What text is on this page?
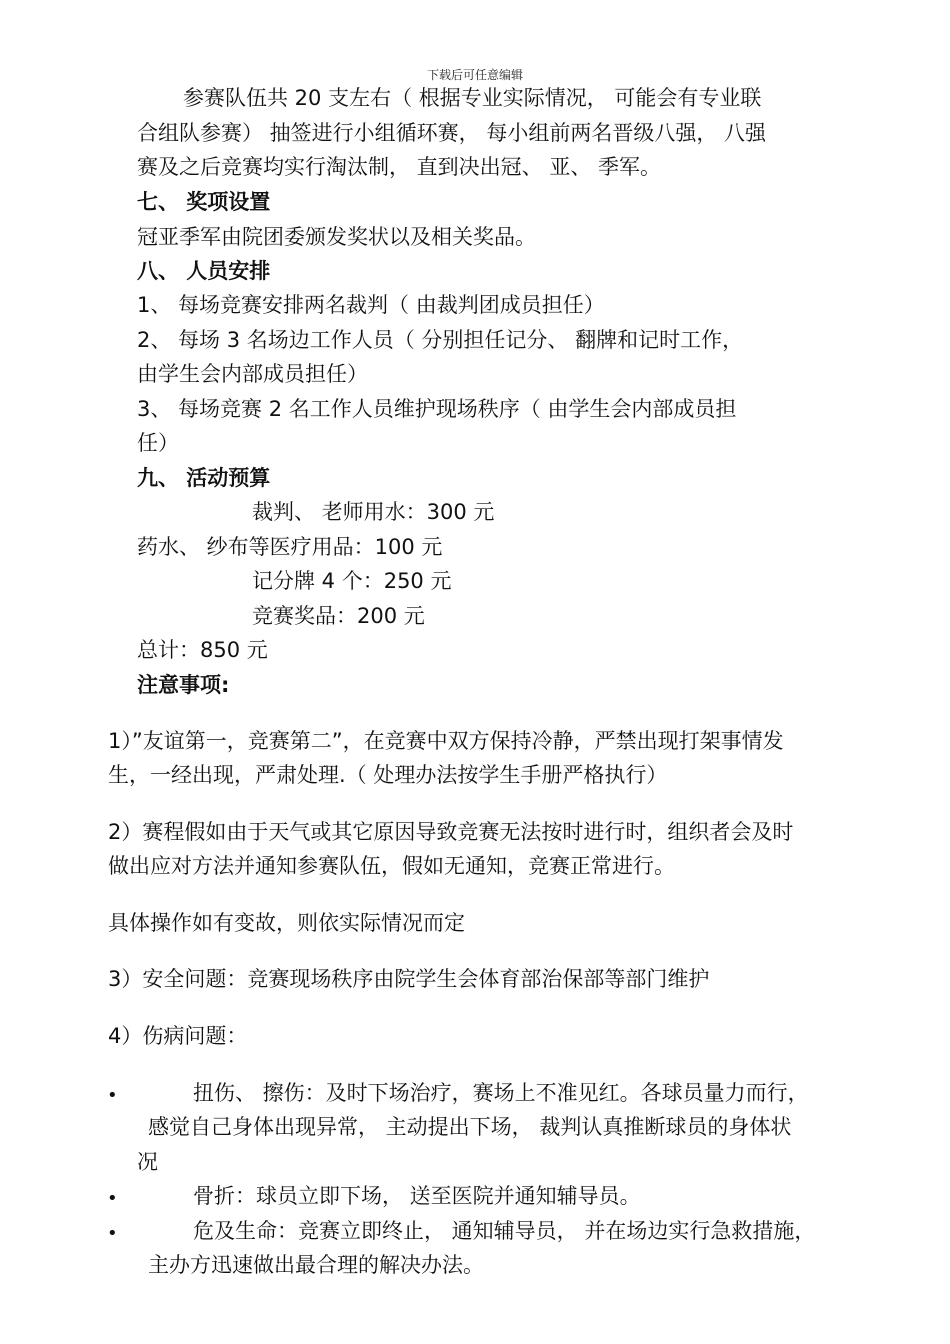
下载后可任意编辑
参赛队伍共 20 支左右（ 根据专业实际情况， 可能会有专业联
合组队参赛） 抽签进行小组循环赛， 每小组前两名晋级八强， 八强
赛及之后竞赛均实行淘汰制， 直到决出冠、 亚、 季军。
七、 奖项设置
冠亚季军由院团委颁发奖状以及相关奖品。
八、 人员安排
1、 每场竞赛安排两名裁判（ 由裁判团成员担任）
2、 每场 3 名场边工作人员（ 分别担任记分、 翻牌和记时工作，
由学生会内部成员担任）
3、 每场竞赛 2 名工作人员维护现场秩序（ 由学生会内部成员担
任）
九、 活动预算
裁判、 老师用水：300 元
药水、 纱布等医疗用品：100 元
记分牌 4 个：250 元
竞赛奖品：200 元
总计：850 元
注意事项:
1）”友谊第一，竞赛第二”，在竞赛中双方保持冷静，严禁出现打架事情发
生，一经出现，严肃处理.（ 处理办法按学生手册严格执行）
2）赛程假如由于天气或其它原因导致竞赛无法按时进行时，组织者会及时
做出应对方法并通知参赛队伍，假如无通知，竞赛正常进行。
具体操作如有变故，则依实际情况而定
3）安全问题：竞赛现场秩序由院学生会体育部治保部等部门维护
4）伤病问题：
•	扭伤、 擦伤：及时下场治疗，赛场上不准见红。各球员量力而行，
感觉自己身体出现异常， 主动提出下场， 裁判认真推断球员的身体状
况
•	骨折：球员立即下场， 送至医院并通知辅导员。
•	危及生命：竞赛立即终止， 通知辅导员， 并在场边实行急救措施，
主办方迅速做出最合理的解决办法。
